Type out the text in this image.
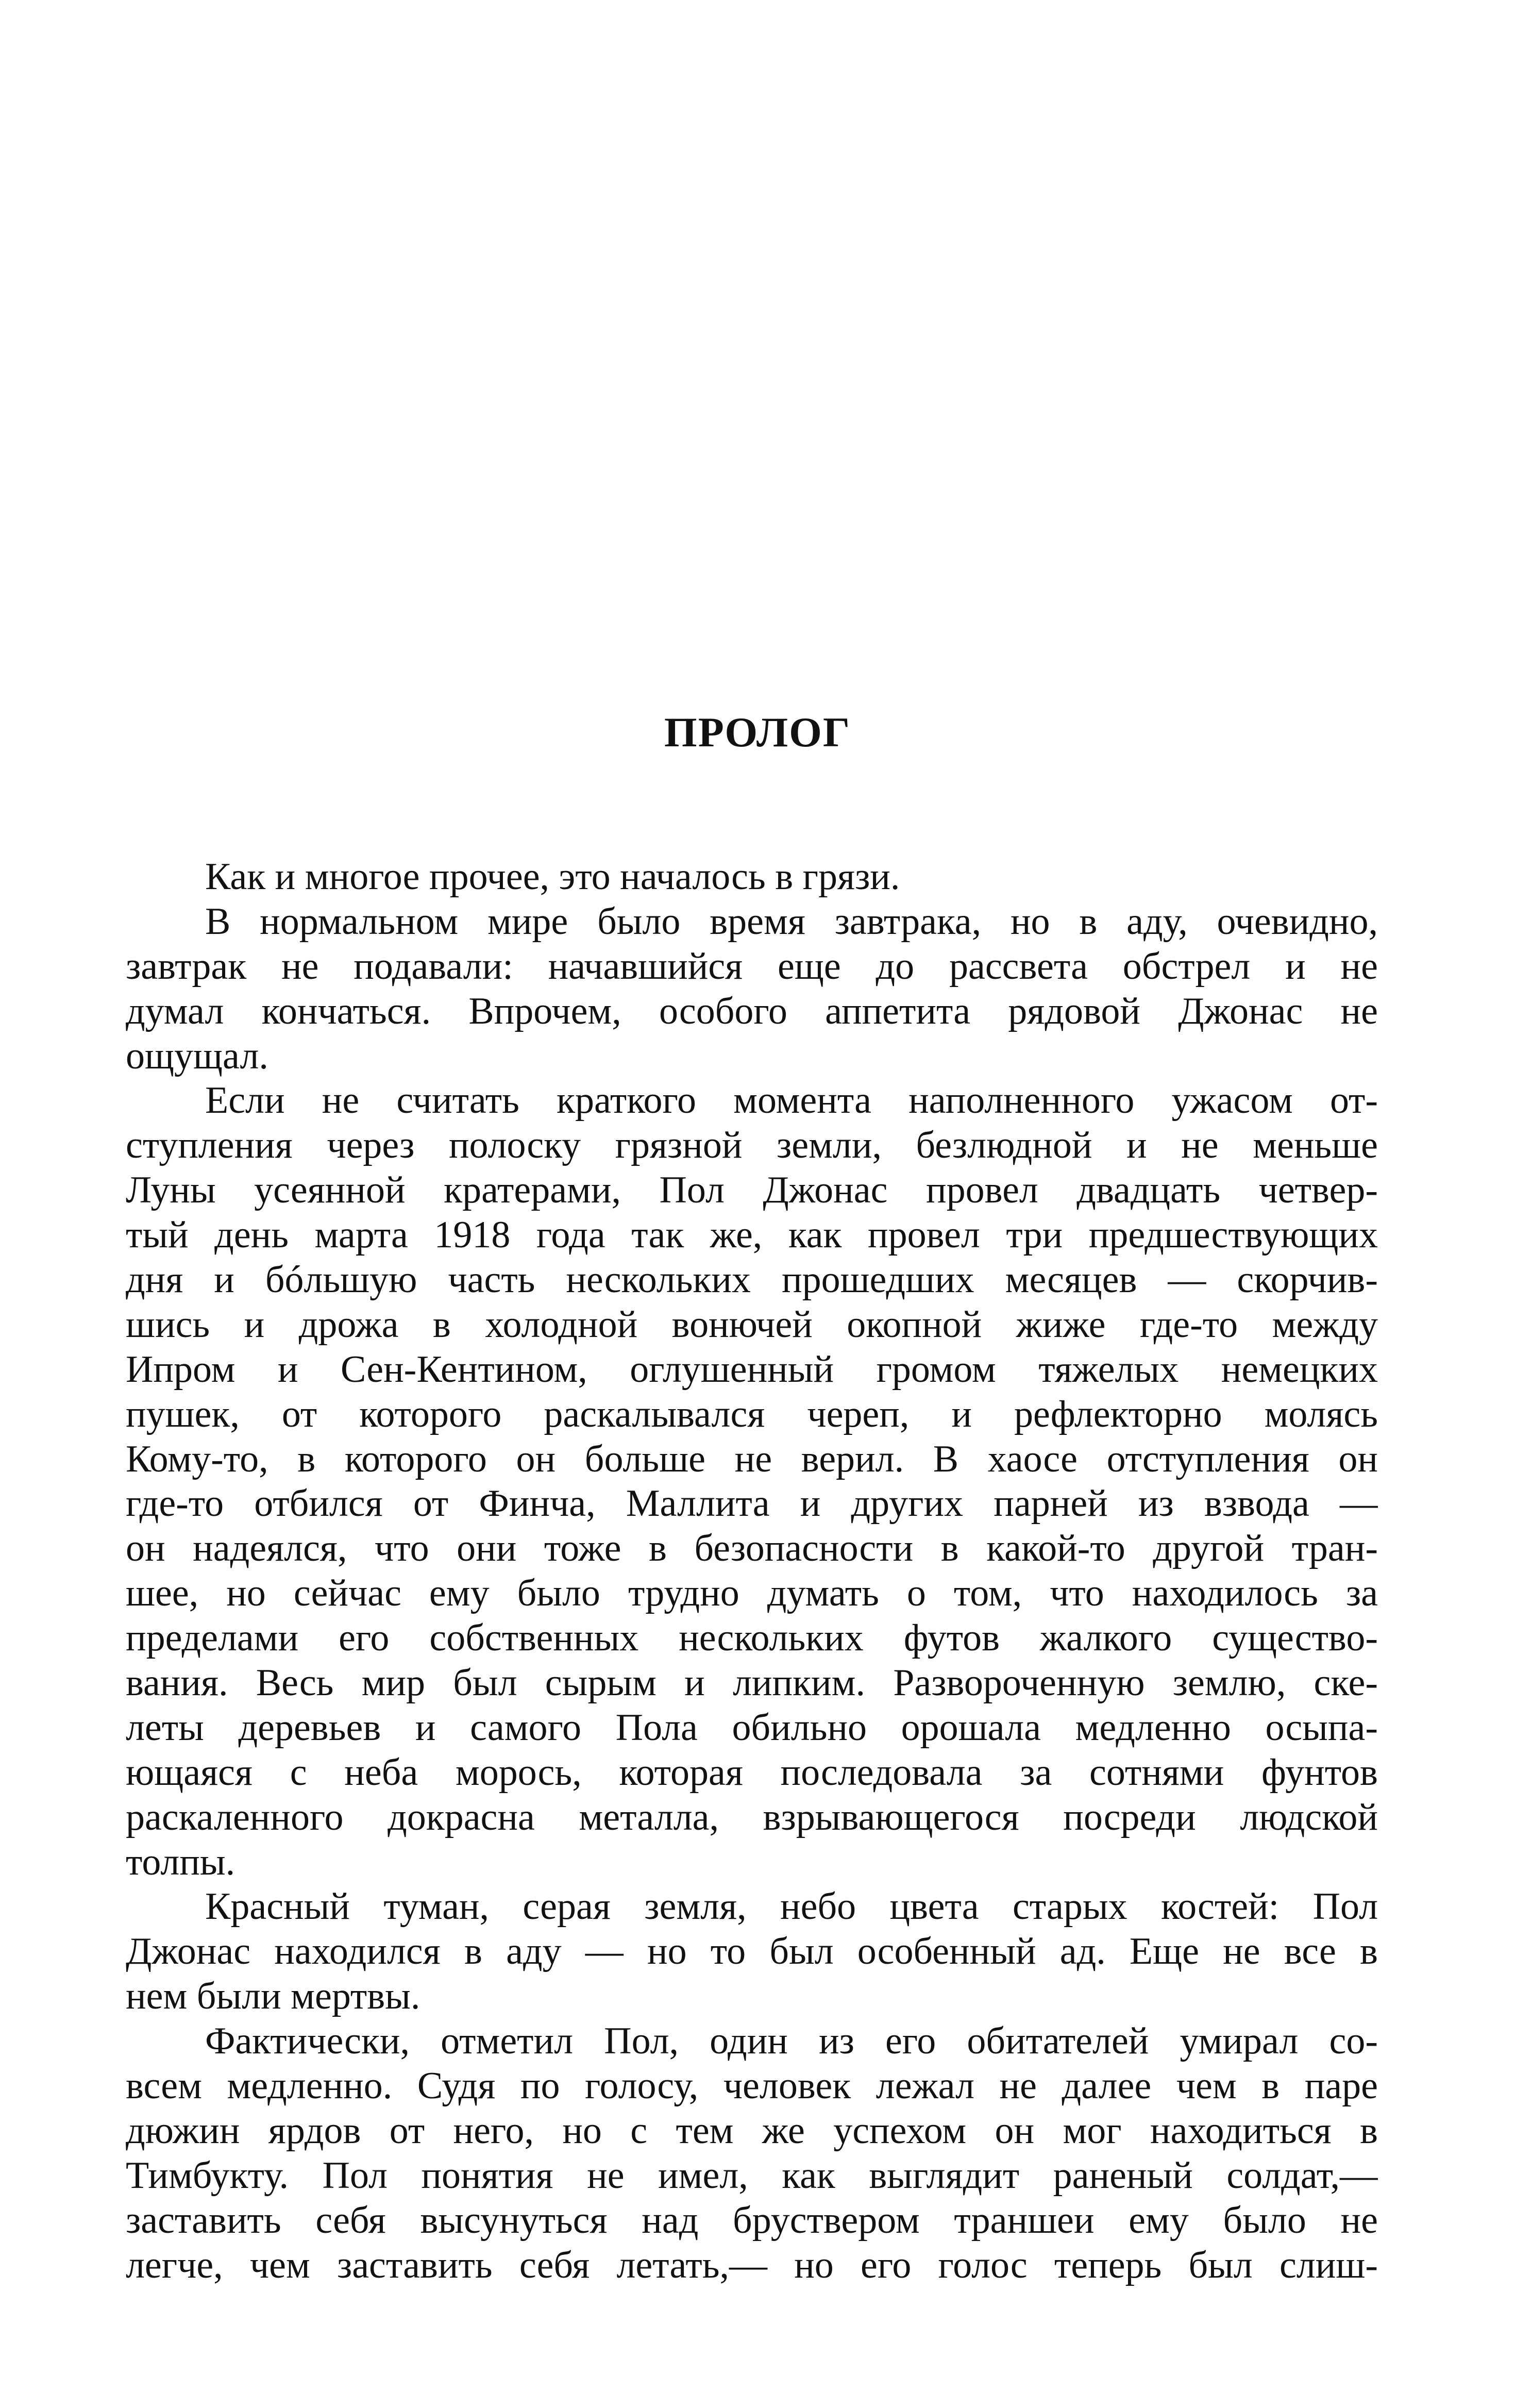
ПРОЛОГ
Как и многое прочее, это началось в грязи.
В нормальном мире было время завтрака, но в аду, очевидно,
завтрак не подавали: начавшийся еще до рассвета обстрел и не
думал кончаться. Впрочем, особого аппетита рядовой Джонас не
ощущал.
Если не считать краткого момента наполненного ужасом от-
ступления через полоску грязной земли, безлюдной и не меньше
Луны усеянной кратерами, Пол Джонас провел двадцать четвер-
тый день марта 1918 года так же, как провел три предшествующих
дня и бóльшую часть нескольких прошедших месяцев — скорчив-
шись и дрожа в холодной вонючей окопной жиже где-то между
Ипром и Сен-Кентином, оглушенный громом тяжелых немецких
пушек, от которого раскалывался череп, и рефлекторно молясь
Кому-то, в которого он больше не верил. В хаосе отступления он
где-то отбился от Финча, Маллита и других парней из взвода —
он надеялся, что они тоже в безопасности в какой-то другой тран-
шее, но сейчас ему было трудно думать о том, что находилось за
пределами его собственных нескольких футов жалкого существо-
вания. Весь мир был сырым и липким. Развороченную землю, ске-
леты деревьев и самого Пола обильно орошала медленно осыпа-
ющаяся с неба морось, которая последовала за сотнями фунтов
раскаленного докрасна металла, взрывающегося посреди людской
толпы.
Красный туман, серая земля, небо цвета старых костей: Пол
Джонас находился в аду — но то был особенный ад. Еще не все в
нем были мертвы.
Фактически, отметил Пол, один из его обитателей умирал со-
всем медленно. Судя по голосу, человек лежал не далее чем в паре
дюжин ярдов от него, но с тем же успехом он мог находиться в
Тимбукту. Пол понятия не имел, как выглядит раненый солдат,—
заставить себя высунуться над бруствером траншеи ему было не
легче, чем заставить себя летать,— но его голос теперь был слиш-
